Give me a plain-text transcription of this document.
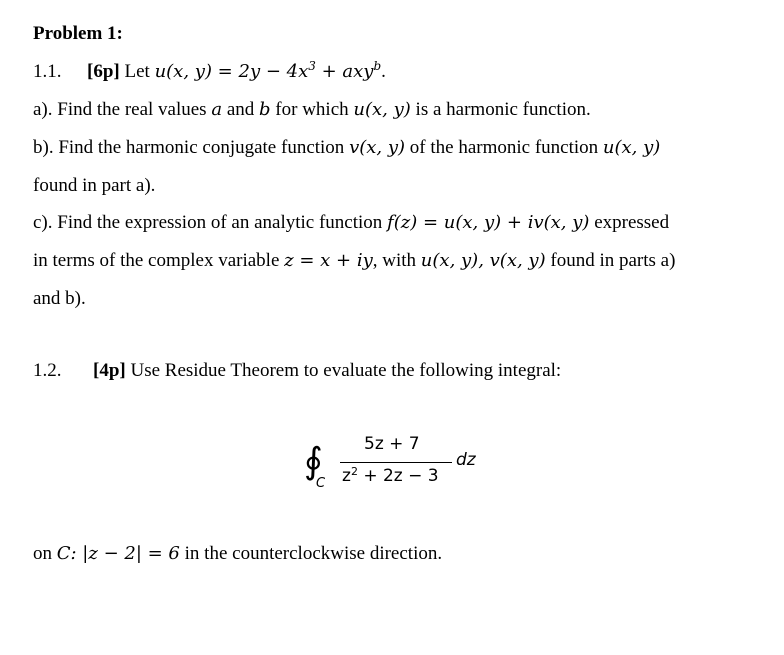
Problem 1:
1.1. [6p] Let u(x, $y) = 2y - 4x^3 + axy^b$.
a). Find the real values a and b for which u(x, y) is a harmonic function.
b). Find the harmonic conjugate function v(x, y) of the harmonic function u(x, y)
found in part a).
c). Find the expression of an analytic function f(z) = u(x, y) + iv(x, y) expressed
in terms of the complex variable z = x + iy, with u(x, y), v(x, y) found in parts a)
and b).
1.2. [4p] Use Residue Theorem to evaluate the following integral:
∮
C
5z + 7
$z^2 + 2z - 3$
dz
on C: |z − 2| = 6 in the counterclockwise direction.
